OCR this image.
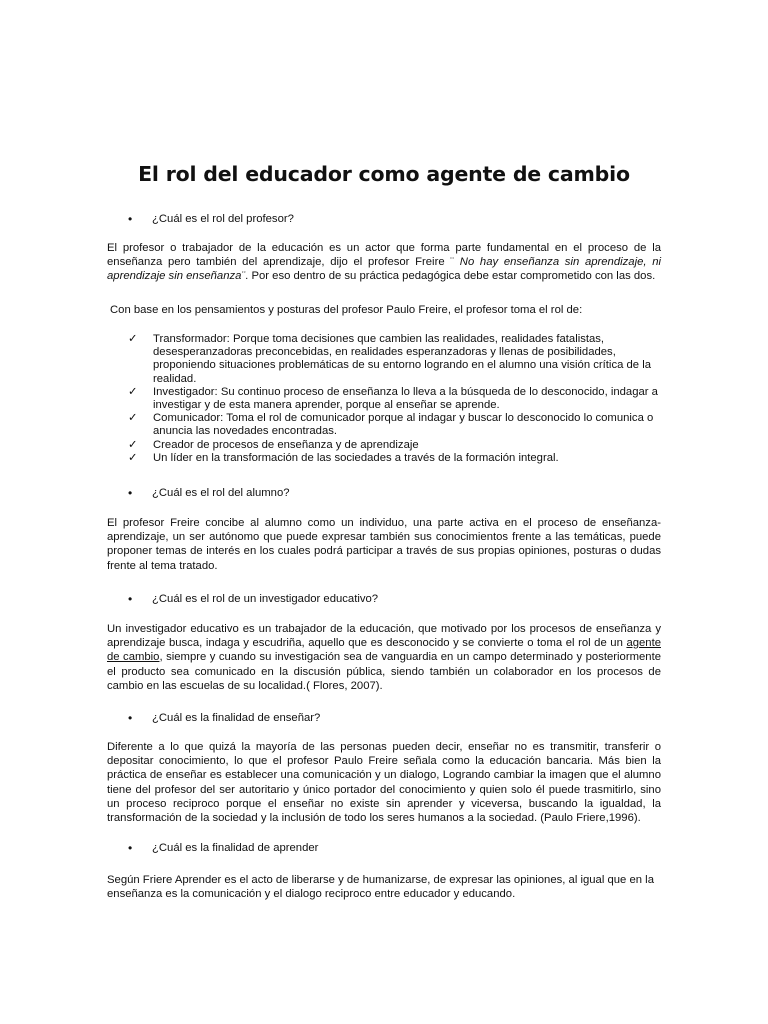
El rol del educador como agente de cambio
• ¿Cuál es el rol del profesor?
El profesor o trabajador de la educación es un actor que forma parte fundamental en el proceso de la enseñanza pero también del aprendizaje, dijo el profesor Freire ¨ No hay enseñanza sin aprendizaje, ni aprendizaje sin enseñanza¨. Por eso dentro de su práctica pedagógica debe estar comprometido con las dos.
Con base en los pensamientos y posturas del profesor Paulo Freire, el profesor toma el rol de:
✓ Transformador: Porque toma decisiones que cambien las realidades, realidades fatalistas, desesperanzadoras preconcebidas, en realidades esperanzadoras y llenas de posibilidades, proponiendo situaciones problemáticas de su entorno logrando en el alumno una visión crítica de la realidad.
✓ Investigador: Su continuo proceso de enseñanza lo lleva a la búsqueda de lo desconocido, indagar a investigar y de esta manera aprender, porque al enseñar se aprende.
✓ Comunicador: Toma el rol de comunicador porque al indagar y buscar lo desconocido lo comunica o anuncia las novedades encontradas.
✓ Creador de procesos de enseñanza y de aprendizaje
✓ Un líder en la transformación de las sociedades a través de la formación integral.
• ¿Cuál es el rol del alumno?
El profesor Freire concibe al alumno como un individuo, una parte activa en el proceso de enseñanza-aprendizaje, un ser autónomo que puede expresar también sus conocimientos frente a las temáticas, puede proponer temas de interés en los cuales podrá participar a través de sus propias opiniones, posturas o dudas frente al tema tratado.
• ¿Cuál es el rol de un investigador educativo?
Un investigador educativo es un trabajador de la educación, que motivado por los procesos de enseñanza y aprendizaje busca, indaga y escudriña, aquello que es desconocido y se convierte o toma el rol de un agente de cambio, siempre y cuando su investigación sea de vanguardia en un campo determinado y posteriormente el producto sea comunicado en la discusión pública, siendo también un colaborador en los procesos de cambio en las escuelas de su localidad.( Flores, 2007).
• ¿Cuál es la finalidad de enseñar?
Diferente a lo que quizá la mayoría de las personas pueden decir, enseñar no es transmitir, transferir o depositar conocimiento, lo que el profesor Paulo Freire señala como la educación bancaria. Más bien la práctica de enseñar es establecer una comunicación y un dialogo, Logrando cambiar la imagen que el alumno tiene del profesor del ser autoritario y único portador del conocimiento y quien solo él puede trasmitirlo, sino un proceso reciproco porque el enseñar no existe sin aprender y viceversa, buscando la igualdad, la transformación de la sociedad y la inclusión de todo los seres humanos a la sociedad. (Paulo Friere,1996).
• ¿Cuál es la finalidad de aprender
Según Friere Aprender es el acto de liberarse y de humanizarse, de expresar las opiniones, al igual que en la enseñanza es la comunicación y el dialogo reciproco entre educador y educando.
